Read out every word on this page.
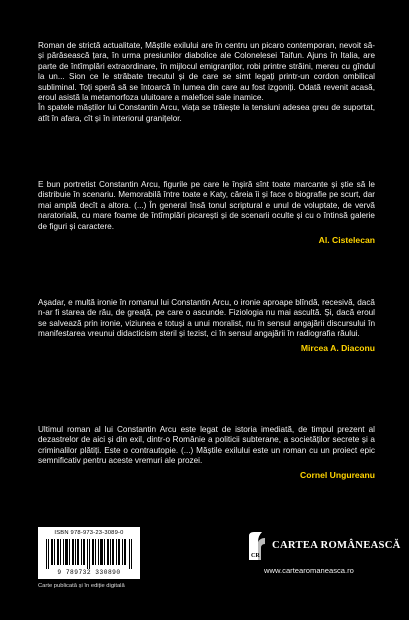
Roman de strictă actualitate, Măștile exilului are în centru un picaro contemporan, nevoit să-și părăsească țara, în urma presiunilor diabolice ale Colonelesei Taifun. Ajuns în Italia, are parte de întîmplări extraordinare, în mijlocul emigranților, robi printre străini, mereu cu gîndul la un... Sion ce le străbate trecutul și de care se simt legați printr-un cordon ombilical subliminal. Toți speră să se întoarcă în lumea din care au fost izgoniți. Odată revenit acasă, eroul asistă la metamorfoza uluitoare a maleficei sale inamice.

În spatele măștilor lui Constantin Arcu, viața se trăiește la tensiuni adesea greu de suportat, atît în afara, cît și în interiorul granițelor.

E bun portretist Constantin Arcu, figurile pe care le înșiră sînt toate marcante și știe să le distribuie în scenariu. Memorabilă între toate e Katy, căreia îi și face o biografie pe scurt, dar mai amplă decît a altora. (...) În general însă tonul scriptural e unul de voluptate, de vervă naratorială, cu mare foame de întîmplări picarești și de scenarii oculte și cu o întinsă galerie de figuri și caractere.

Al. Cistelecan

Așadar, e multă ironie în romanul lui Constantin Arcu, o ironie aproape blîndă, recesivă, dacă n-ar fi starea de rău, de greață, pe care o ascunde. Fiziologia nu mai ascultă. Și, dacă eroul se salvează prin ironie, viziunea e totuși a unui moralist, nu în sensul angajării discursului în manifestarea vreunui didacticism steril și tezist, ci în sensul angajării în radiografia răului.

Mircea A. Diaconu

Ultimul roman al lui Constantin Arcu este legat de istoria imediată, de timpul prezent al dezastrelor de aici și din exil, dintr-o Românie a politicii subterane, a societăților secrete și a criminalilor plătiți. Este o contrautopie. (...) Măștile exilului este un roman cu un proiect epic semnificativ pentru aceste vremuri ale prozei.

Cornel Ungureanu
ISBN 978-973-23-3089-0
9 789732 330890
Carte publicată și în ediție digitală
CR
CARTEA ROMÂNEASCĂ
www.cartearomaneasca.ro
